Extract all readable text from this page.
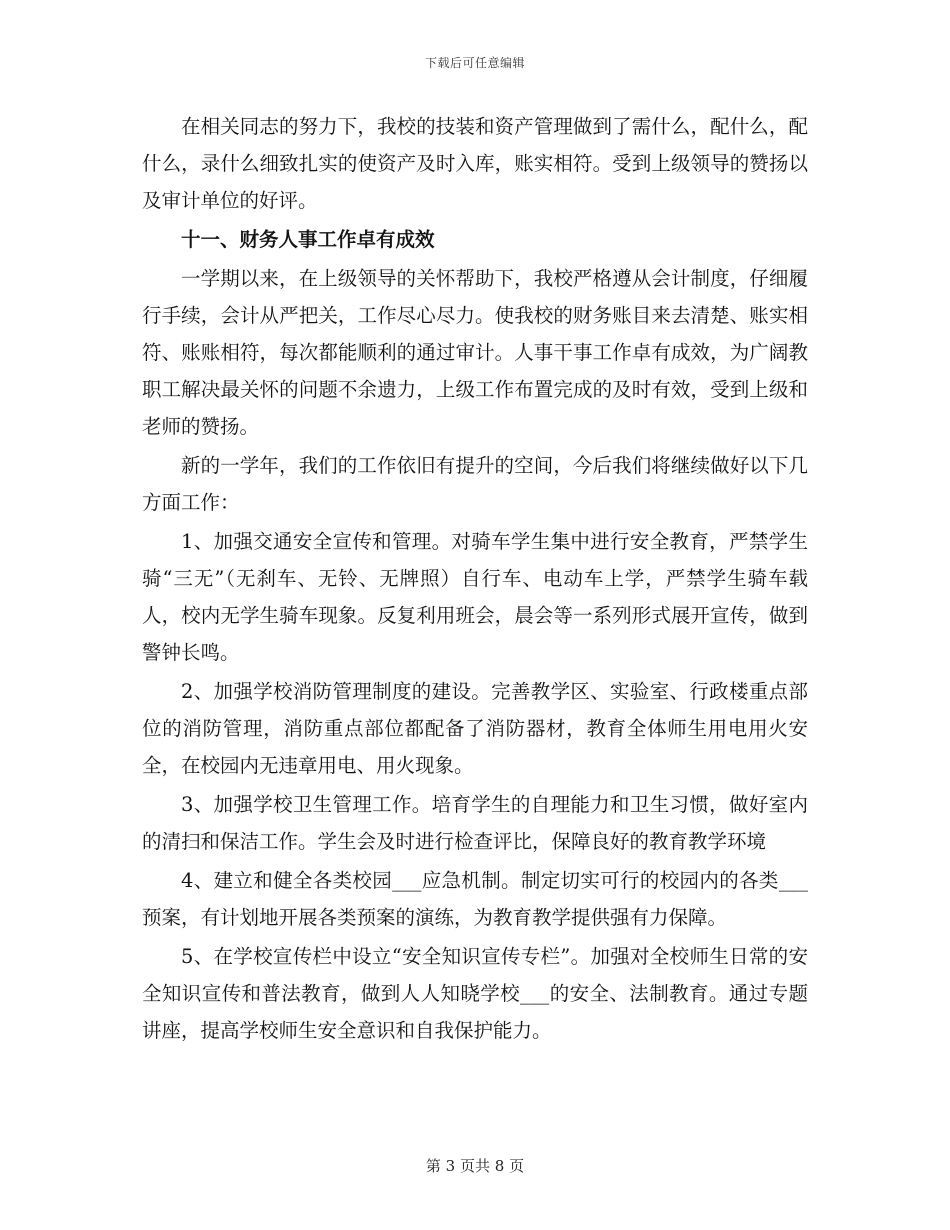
下载后可任意编辑

在相关同志的努力下，我校的技装和资产管理做到了需什么，配什么，配什么，录什么细致扎实的使资产及时入库，账实相符。受到上级领导的赞扬以及审计单位的好评。

十一、财务人事工作卓有成效

一学期以来，在上级领导的关怀帮助下，我校严格遵从会计制度，仔细履行手续，会计从严把关，工作尽心尽力。使我校的财务账目来去清楚、账实相符、账账相符，每次都能顺利的通过审计。人事干事工作卓有成效，为广阔教职工解决最关怀的问题不余遗力，上级工作布置完成的及时有效，受到上级和老师的赞扬。

新的一学年，我们的工作依旧有提升的空间，今后我们将继续做好以下几方面工作：

1、加强交通安全宣传和管理。对骑车学生集中进行安全教育，严禁学生骑“三无”（无刹车、无铃、无牌照）自行车、电动车上学，严禁学生骑车载人，校内无学生骑车现象。反复利用班会，晨会等一系列形式展开宣传，做到警钟长鸣。

2、加强学校消防管理制度的建设。完善教学区、实验室、行政楼重点部位的消防管理，消防重点部位都配备了消防器材，教育全体师生用电用火安全，在校园内无违章用电、用火现象。

3、加强学校卫生管理工作。培育学生的自理能力和卫生习惯，做好室内的清扫和保洁工作。学生会及时进行检查评比，保障良好的教育教学环境

4、建立和健全各类校园___应急机制。制定切实可行的校园内的各类___预案，有计划地开展各类预案的演练，为教育教学提供强有力保障。

5、在学校宣传栏中设立“安全知识宣传专栏”。加强对全校师生日常的安全知识宣传和普法教育，做到人人知晓学校___的安全、法制教育。通过专题讲座，提高学校师生安全意识和自我保护能力。

第 3 页共 8 页
